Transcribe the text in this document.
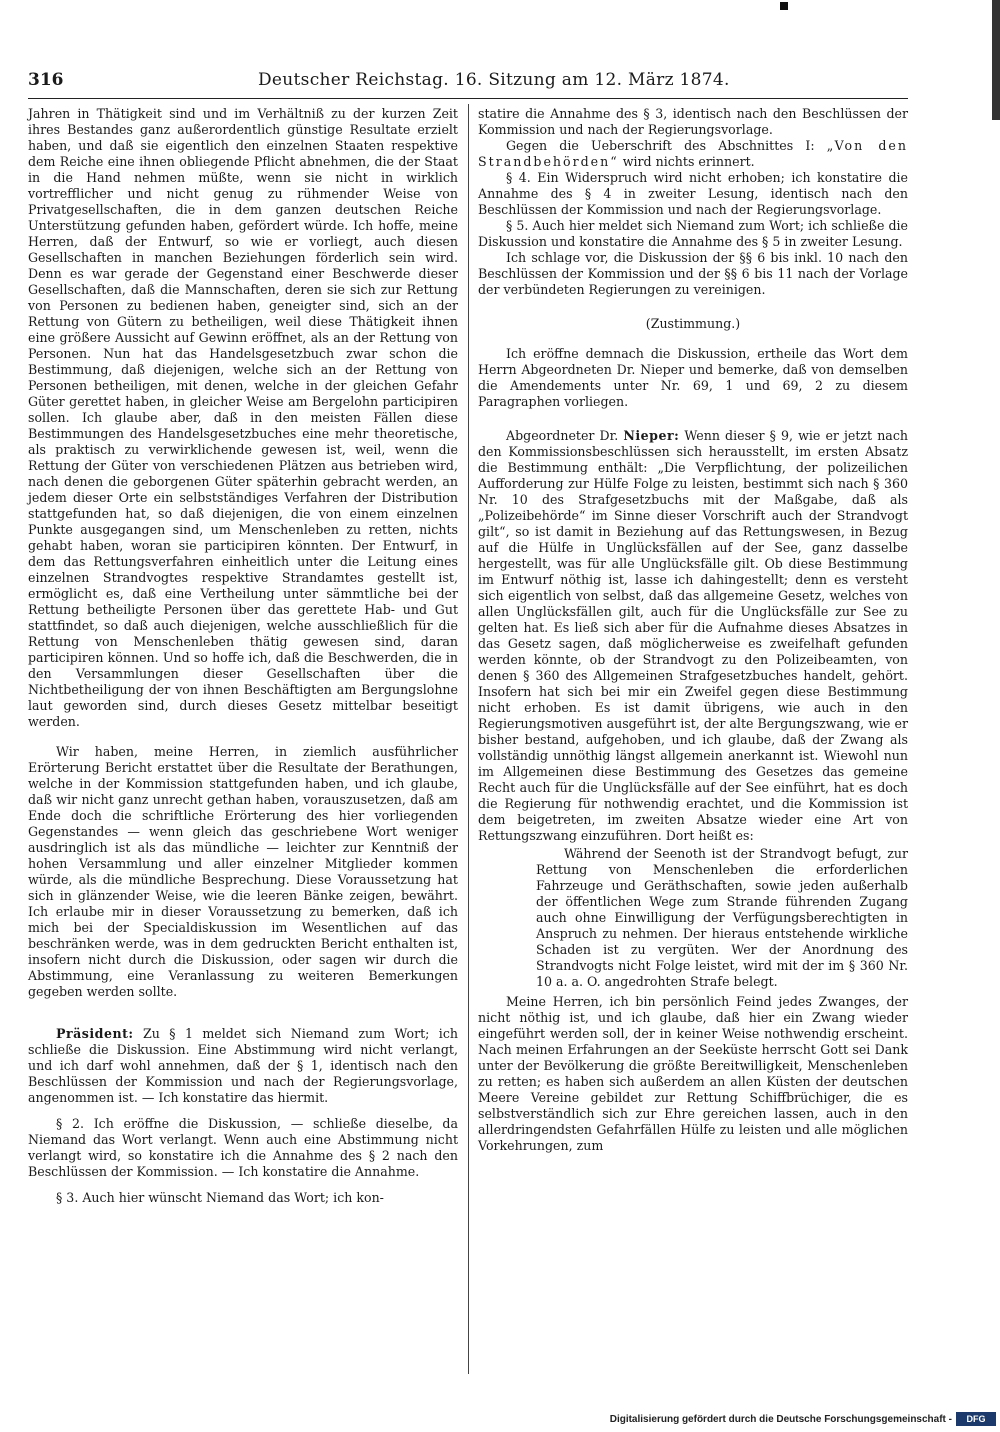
316	Deutscher Reichstag. 16. Sitzung am 12. März 1874.

Jahren in Thätigkeit sind und im Verhältniß zu der kurzen Zeit ihres Bestandes ganz außerordentlich günstige Resultate erzielt haben, und daß sie eigentlich den einzelnen Staaten respektive dem Reiche eine ihnen obliegende Pflicht abnehmen, die der Staat in die Hand nehmen müßte, wenn sie nicht in wirklich vortrefflicher und nicht genug zu rühmender Weise von Privatgesellschaften, die in dem ganzen deutschen Reiche Unterstützung gefunden haben, gefördert würde. Ich hoffe, meine Herren, daß der Entwurf, so wie er vorliegt, auch diesen Gesellschaften in manchen Beziehungen förderlich sein wird. Denn es war gerade der Gegenstand einer Beschwerde dieser Gesellschaften, daß die Mannschaften, deren sie sich zur Rettung von Personen zu bedienen haben, geneigter sind, sich an der Rettung von Gütern zu betheiligen, weil diese Thätigkeit ihnen eine größere Aussicht auf Gewinn eröffnet, als an der Rettung von Personen. Nun hat das Handelsgesetzbuch zwar schon die Bestimmung, daß diejenigen, welche sich an der Rettung von Personen betheiligen, mit denen, welche in der gleichen Gefahr Güter gerettet haben, in gleicher Weise am Bergelohn participiren sollen. Ich glaube aber, daß in den meisten Fällen diese Bestimmungen des Handelsgesetzbuches eine mehr theoretische, als praktisch zu verwirklichende gewesen ist, weil, wenn die Rettung der Güter von verschiedenen Plätzen aus betrieben wird, nach denen die geborgenen Güter späterhin gebracht werden, an jedem dieser Orte ein selbstständiges Verfahren der Distribution stattgefunden hat, so daß diejenigen, die von einem einzelnen Punkte ausgegangen sind, um Menschenleben zu retten, nichts gehabt haben, woran sie participiren könnten. Der Entwurf, in dem das Rettungsverfahren einheitlich unter die Leitung eines einzelnen Strandvogtes respektive Strandamtes gestellt ist, ermöglicht es, daß eine Vertheilung unter sämmtliche bei der Rettung betheiligte Personen über das gerettete Hab- und Gut stattfindet, so daß auch diejenigen, welche ausschließlich für die Rettung von Menschenleben thätig gewesen sind, daran participiren können. Und so hoffe ich, daß die Beschwerden, die in den Versammlungen dieser Gesellschaften über die Nichtbetheiligung der von ihnen Beschäftigten am Bergungslohne laut geworden sind, durch dieses Gesetz mittelbar beseitigt werden.

Wir haben, meine Herren, in ziemlich ausführlicher Erörterung Bericht erstattet über die Resultate der Berathungen, welche in der Kommission stattgefunden haben, und ich glaube, daß wir nicht ganz unrecht gethan haben, vorauszusetzen, daß am Ende doch die schriftliche Erörterung des hier vorliegenden Gegenstandes — wenn gleich das geschriebene Wort weniger ausdringlich ist als das mündliche — leichter zur Kenntniß der hohen Versammlung und aller einzelner Mitglieder kommen würde, als die mündliche Besprechung. Diese Voraussetzung hat sich in glänzender Weise, wie die leeren Bänke zeigen, bewährt. Ich erlaube mir in dieser Voraussetzung zu bemerken, daß ich mich bei der Specialdiskussion im Wesentlichen auf das beschränken werde, was in dem gedruckten Bericht enthalten ist, insofern nicht durch die Diskussion, oder sagen wir durch die Abstimmung, eine Veranlassung zu weiteren Bemerkungen gegeben werden sollte.

Präsident: Zu § 1 meldet sich Niemand zum Wort; ich schließe die Diskussion. Eine Abstimmung wird nicht verlangt, und ich darf wohl annehmen, daß der § 1, identisch nach den Beschlüssen der Kommission und nach der Regierungsvorlage, angenommen ist. — Ich konstatire das hiermit.

§ 2. Ich eröffne die Diskussion, — schließe dieselbe, da Niemand das Wort verlangt. Wenn auch eine Abstimmung nicht verlangt wird, so konstatire ich die Annahme des § 2 nach den Beschlüssen der Kommission. — Ich konstatire die Annahme.

§ 3. Auch hier wünscht Niemand das Wort; ich kon-

statire die Annahme des § 3, identisch nach den Beschlüssen der Kommission und nach der Regierungsvorlage.

Gegen die Ueberschrift des Abschnittes I: „Von den Strandbehörden“ wird nichts erinnert.

§ 4. Ein Widerspruch wird nicht erhoben; ich konstatire die Annahme des § 4 in zweiter Lesung, identisch nach den Beschlüssen der Kommission und nach der Regierungsvorlage.

§ 5. Auch hier meldet sich Niemand zum Wort; ich schließe die Diskussion und konstatire die Annahme des § 5 in zweiter Lesung.

Ich schlage vor, die Diskussion der §§ 6 bis inkl. 10 nach den Beschlüssen der Kommission und der §§ 6 bis 11 nach der Vorlage der verbündeten Regierungen zu vereinigen.

(Zustimmung.)

Ich eröffne demnach die Diskussion, ertheile das Wort dem Herrn Abgeordneten Dr. Nieper und bemerke, daß von demselben die Amendements unter Nr. 69, 1 und 69, 2 zu diesem Paragraphen vorliegen.

Abgeordneter Dr. Nieper: Wenn dieser § 9, wie er jetzt nach den Kommissionsbeschlüssen sich herausstellt, im ersten Absatz die Bestimmung enthält: „Die Verpflichtung, der polizeilichen Aufforderung zur Hülfe Folge zu leisten, bestimmt sich nach § 360 Nr. 10 des Strafgesetzbuchs mit der Maßgabe, daß als „Polizeibehörde“ im Sinne dieser Vorschrift auch der Strandvogt gilt“, so ist damit in Beziehung auf das Rettungswesen, in Bezug auf die Hülfe in Unglücksfällen auf der See, ganz dasselbe hergestellt, was für alle Unglücksfälle gilt. Ob diese Bestimmung im Entwurf nöthig ist, lasse ich dahingestellt; denn es versteht sich eigentlich von selbst, daß das allgemeine Gesetz, welches von allen Unglücksfällen gilt, auch für die Unglücksfälle zur See zu gelten hat. Es ließ sich aber für die Aufnahme dieses Absatzes in das Gesetz sagen, daß möglicherweise es zweifelhaft gefunden werden könnte, ob der Strandvogt zu den Polizeibeamten, von denen § 360 des Allgemeinen Strafgesetzbuches handelt, gehört. Insofern hat sich bei mir ein Zweifel gegen diese Bestimmung nicht erhoben. Es ist damit übrigens, wie auch in den Regierungsmotiven ausgeführt ist, der alte Bergungszwang, wie er bisher bestand, aufgehoben, und ich glaube, daß der Zwang als vollständig unnöthig längst allgemein anerkannt ist. Wiewohl nun im Allgemeinen diese Bestimmung des Gesetzes das gemeine Recht auch für die Unglücksfälle auf der See einführt, hat es doch die Regierung für nothwendig erachtet, und die Kommission ist dem beigetreten, im zweiten Absatze wieder eine Art von Rettungszwang einzuführen. Dort heißt es:

Während der Seenoth ist der Strandvogt befugt, zur Rettung von Menschenleben die erforderlichen Fahrzeuge und Geräthschaften, sowie jeden außerhalb der öffentlichen Wege zum Strande führenden Zugang auch ohne Einwilligung der Verfügungsberechtigten in Anspruch zu nehmen. Der hieraus entstehende wirkliche Schaden ist zu vergüten. Wer der Anordnung des Strandvogts nicht Folge leistet, wird mit der im § 360 Nr. 10 a. a. O. angedrohten Strafe belegt.

Meine Herren, ich bin persönlich Feind jedes Zwanges, der nicht nöthig ist, und ich glaube, daß hier ein Zwang wieder eingeführt werden soll, der in keiner Weise nothwendig erscheint. Nach meinen Erfahrungen an der Seeküste herrscht Gott sei Dank unter der Bevölkerung die größte Bereitwilligkeit, Menschenleben zu retten; es haben sich außerdem an allen Küsten der deutschen Meere Vereine gebildet zur Rettung Schiffbrüchiger, die es selbstverständlich sich zur Ehre gereichen lassen, auch in den allerdringendsten Gefahrfällen Hülfe zu leisten und alle möglichen Vorkehrungen, zum

Digitalisierung gefördert durch die Deutsche Forschungsgemeinschaft -	DFG
